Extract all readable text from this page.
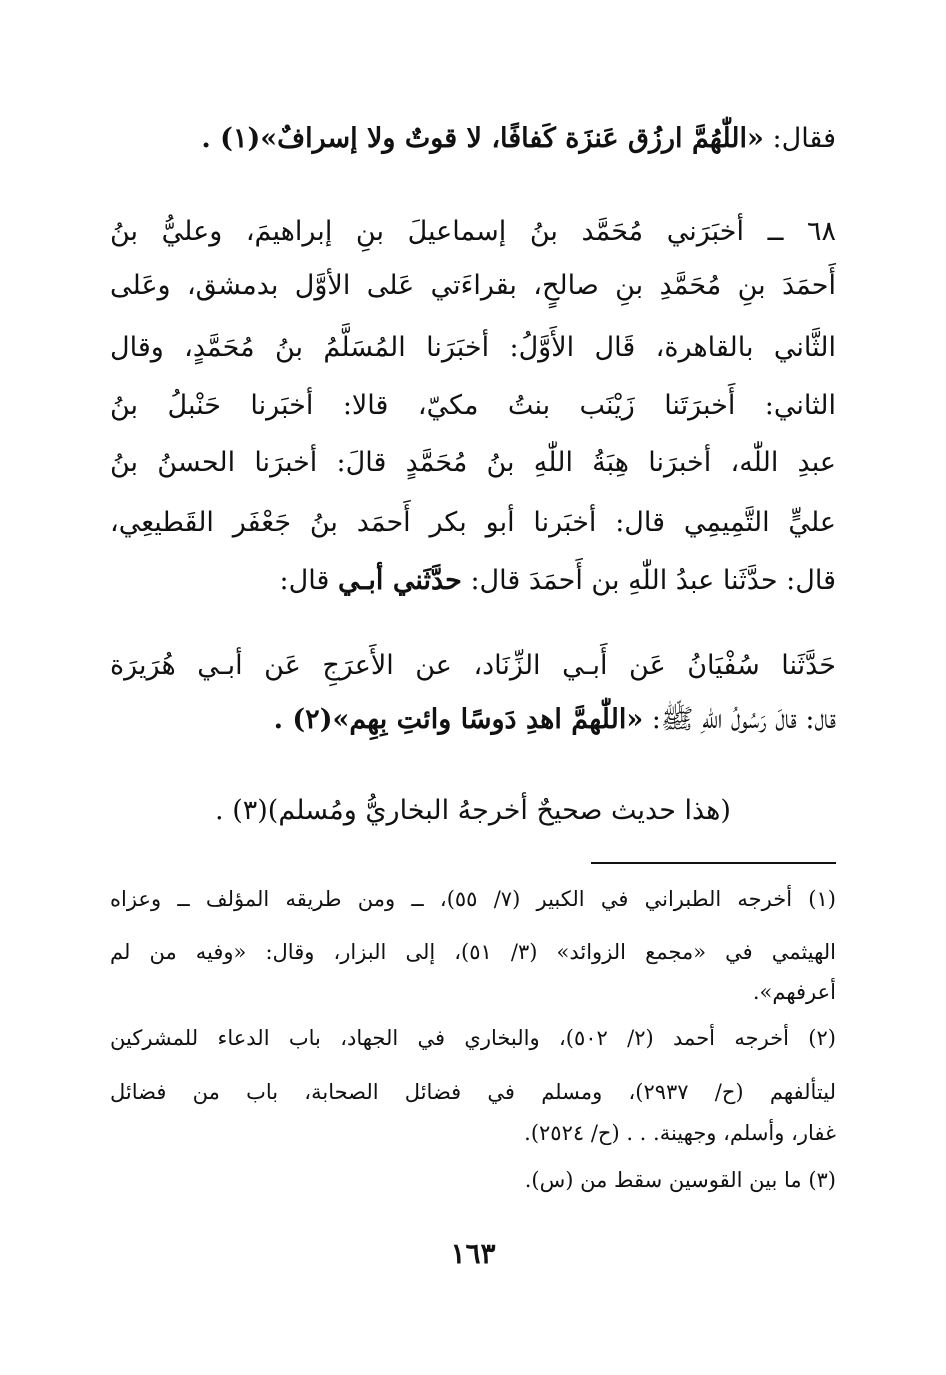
فقال: «اللّٰهُمَّ ارزُق عَنزَة كَفافًا، لا قوتٌ ولا إسرافٌ»(١) .
٦٨ ــ أخبَرَني مُحَمَّد بنُ إسماعيلَ بنِ إبراهيمَ، وعليُّ بنُ
أَحمَدَ بنِ مُحَمَّدِ بنِ صالحٍ، بقراءَتي عَلى الأوَّل بدمشق، وعَلى
الثَّاني بالقاهرة، قَال الأَوَّلُ: أخبَرَنا المُسَلَّمُ بنُ مُحَمَّدٍ، وقال
الثاني: أَخبرَتَنا زَيْنَب بنتُ مكيّ، قالا: أخبَرنا حَنْبلُ بنُ
عبدِ اللّٰه، أخبرَنا هِبَةُ اللّٰهِ بنُ مُحَمَّدٍ قالَ: أخبرَنا الحسنُ بنُ
عليٍّ التَّمِيمِي قال: أخبَرنا أبو بكر أَحمَد بنُ جَعْفَر القَطيعِي،
قال: حدَّثَنا عبدُ اللّٰهِ بن أَحمَدَ قال: حدَّثَني أبـي قال:
حَدَّثَنا سُفْيَانُ عَن أَبـي الزِّنَاد، عن الأَعرَجِ عَن أبـي هُرَيرَة
قال: قالَ رَسُولُ اللّٰهِ ﷺ: «اللّٰهمَّ اهدِ دَوسًا وائتِ بِهِم»(٢) .
(هذا حديث صحيحٌ أخرجهُ البخاريُّ ومُسلم)(٣) .
(١) أخرجه الطبراني في الكبير (٧/ ٥٥)، ــ ومن طريقه المؤلف ــ وعزاه
الهيثمي في «مجمع الزوائد» (٣/ ٥١)، إلى البزار، وقال: «وفيه من لم
أعرفهم».
(٢) أخرجه أحمد (٢/ ٥٠٢)، والبخاري في الجهاد، باب الدعاء للمشركين
ليتألفهم (ح/ ٢٩٣٧)، ومسلم في فضائل الصحابة، باب من فضائل
غفار، وأسلم، وجهينة. . . (ح/ ٢٥٢٤).
(٣) ما بين القوسين سقط من (س).
١٦٣
